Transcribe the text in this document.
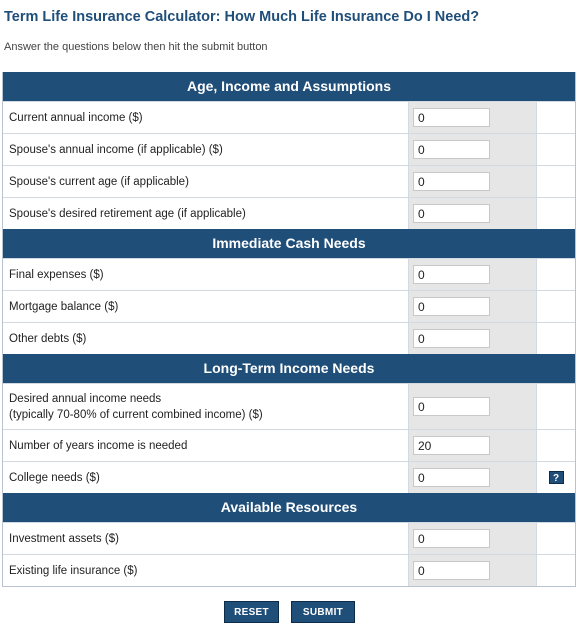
Term Life Insurance Calculator: How Much Life Insurance Do I Need?
Answer the questions below then hit the submit button
Age, Income and Assumptions
Current annual income ($)
0
Spouse's annual income (if applicable) ($)
0
Spouse's current age (if applicable)
0
Spouse's desired retirement age (if applicable)
0
Immediate Cash Needs
Final expenses ($)
0
Mortgage balance ($)
0
Other debts ($)
0
Long-Term Income Needs
Desired annual income needs
(typically 70-80% of current combined income) ($)
0
Number of years income is needed
20
College needs ($)
0	?
Available Resources
Investment assets ($)
0
Existing life insurance ($)
0
RESET	SUBMIT
